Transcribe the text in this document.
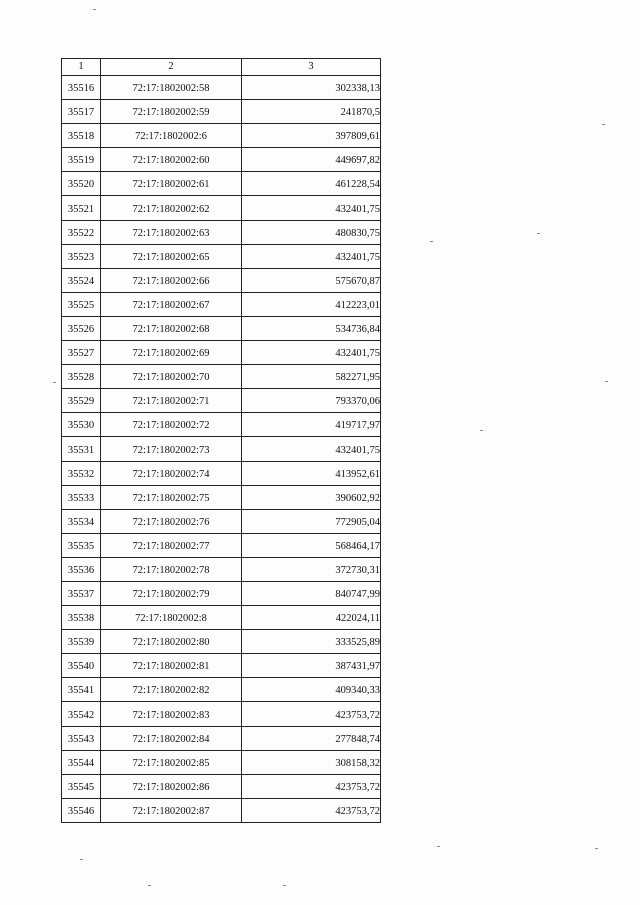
1	2	3
35516	72:17:1802002:58	302338,13
35517	72:17:1802002:59	241870,5
35518	72:17:1802002:6	397809,61
35519	72:17:1802002:60	449697,82
35520	72:17:1802002:61	461228,54
35521	72:17:1802002:62	432401,75
35522	72:17:1802002:63	480830,75
35523	72:17:1802002:65	432401,75
35524	72:17:1802002:66	575670,87
35525	72:17:1802002:67	412223,01
35526	72:17:1802002:68	534736,84
35527	72:17:1802002:69	432401,75
35528	72:17:1802002:70	582271,95
35529	72:17:1802002:71	793370,06
35530	72:17:1802002:72	419717,97
35531	72:17:1802002:73	432401,75
35532	72:17:1802002:74	413952,61
35533	72:17:1802002:75	390602,92
35534	72:17:1802002:76	772905,04
35535	72:17:1802002:77	568464,17
35536	72:17:1802002:78	372730,31
35537	72:17:1802002:79	840747,99
35538	72:17:1802002:8	422024,11
35539	72:17:1802002:80	333525,89
35540	72:17:1802002:81	387431,97
35541	72:17:1802002:82	409340,33
35542	72:17:1802002:83	423753,72
35543	72:17:1802002:84	277848,74
35544	72:17:1802002:85	308158,32
35545	72:17:1802002:86	423753,72
35546	72:17:1802002:87	423753,72
